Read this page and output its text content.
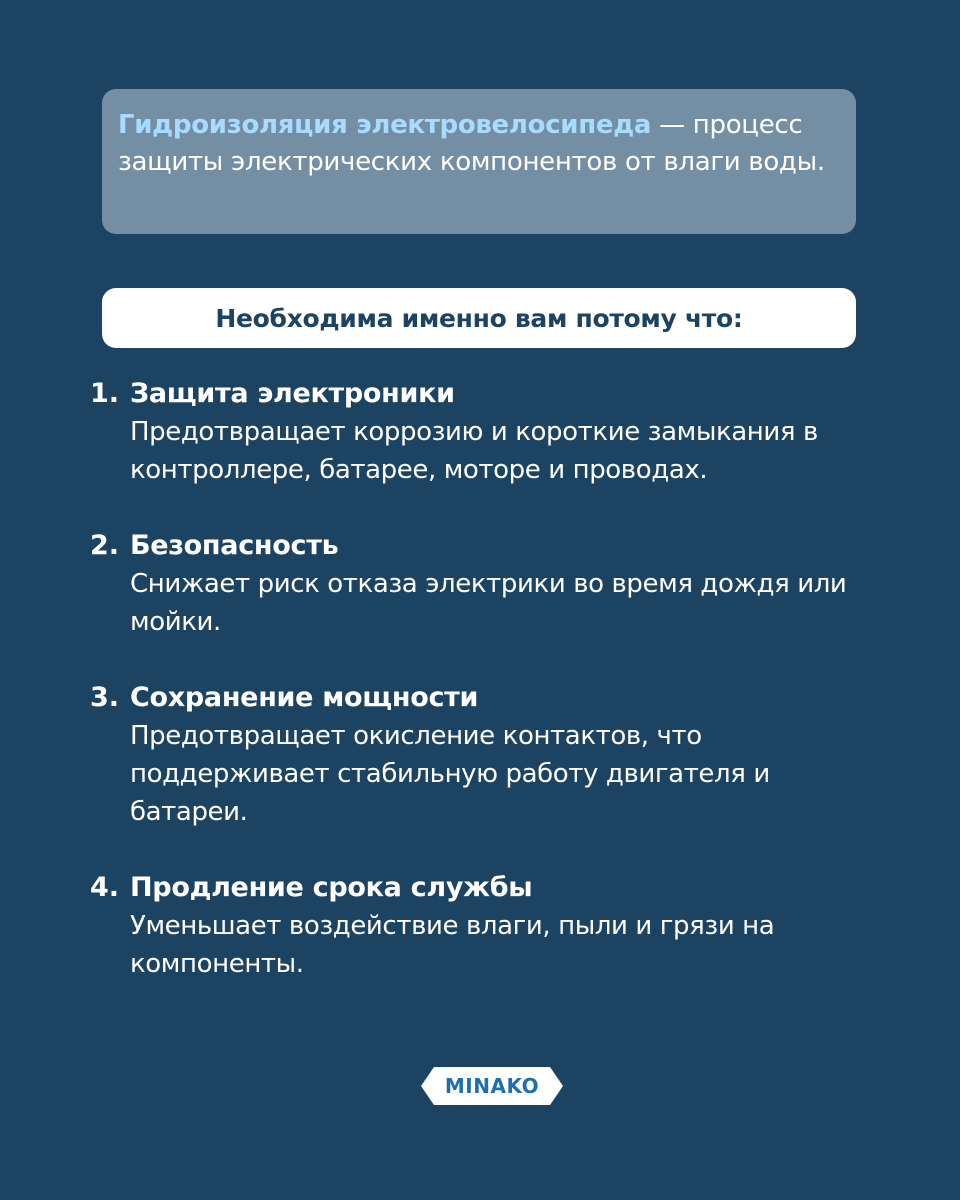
Гидроизоляция электровелосипеда — процесс защиты электрических компонентов от влаги воды.
Необходима именно вам потому что:
1. Защита электроники
Предотвращает коррозию и короткие замыкания в контроллере, батарее, моторе и проводах.
2. Безопасность
Снижает риск отказа электрики во время дождя или мойки.
3. Сохранение мощности
Предотвращает окисление контактов, что поддерживает стабильную работу двигателя и батареи.
4. Продление срока службы
Уменьшает воздействие влаги, пыли и грязи на компоненты.
MINAKO
